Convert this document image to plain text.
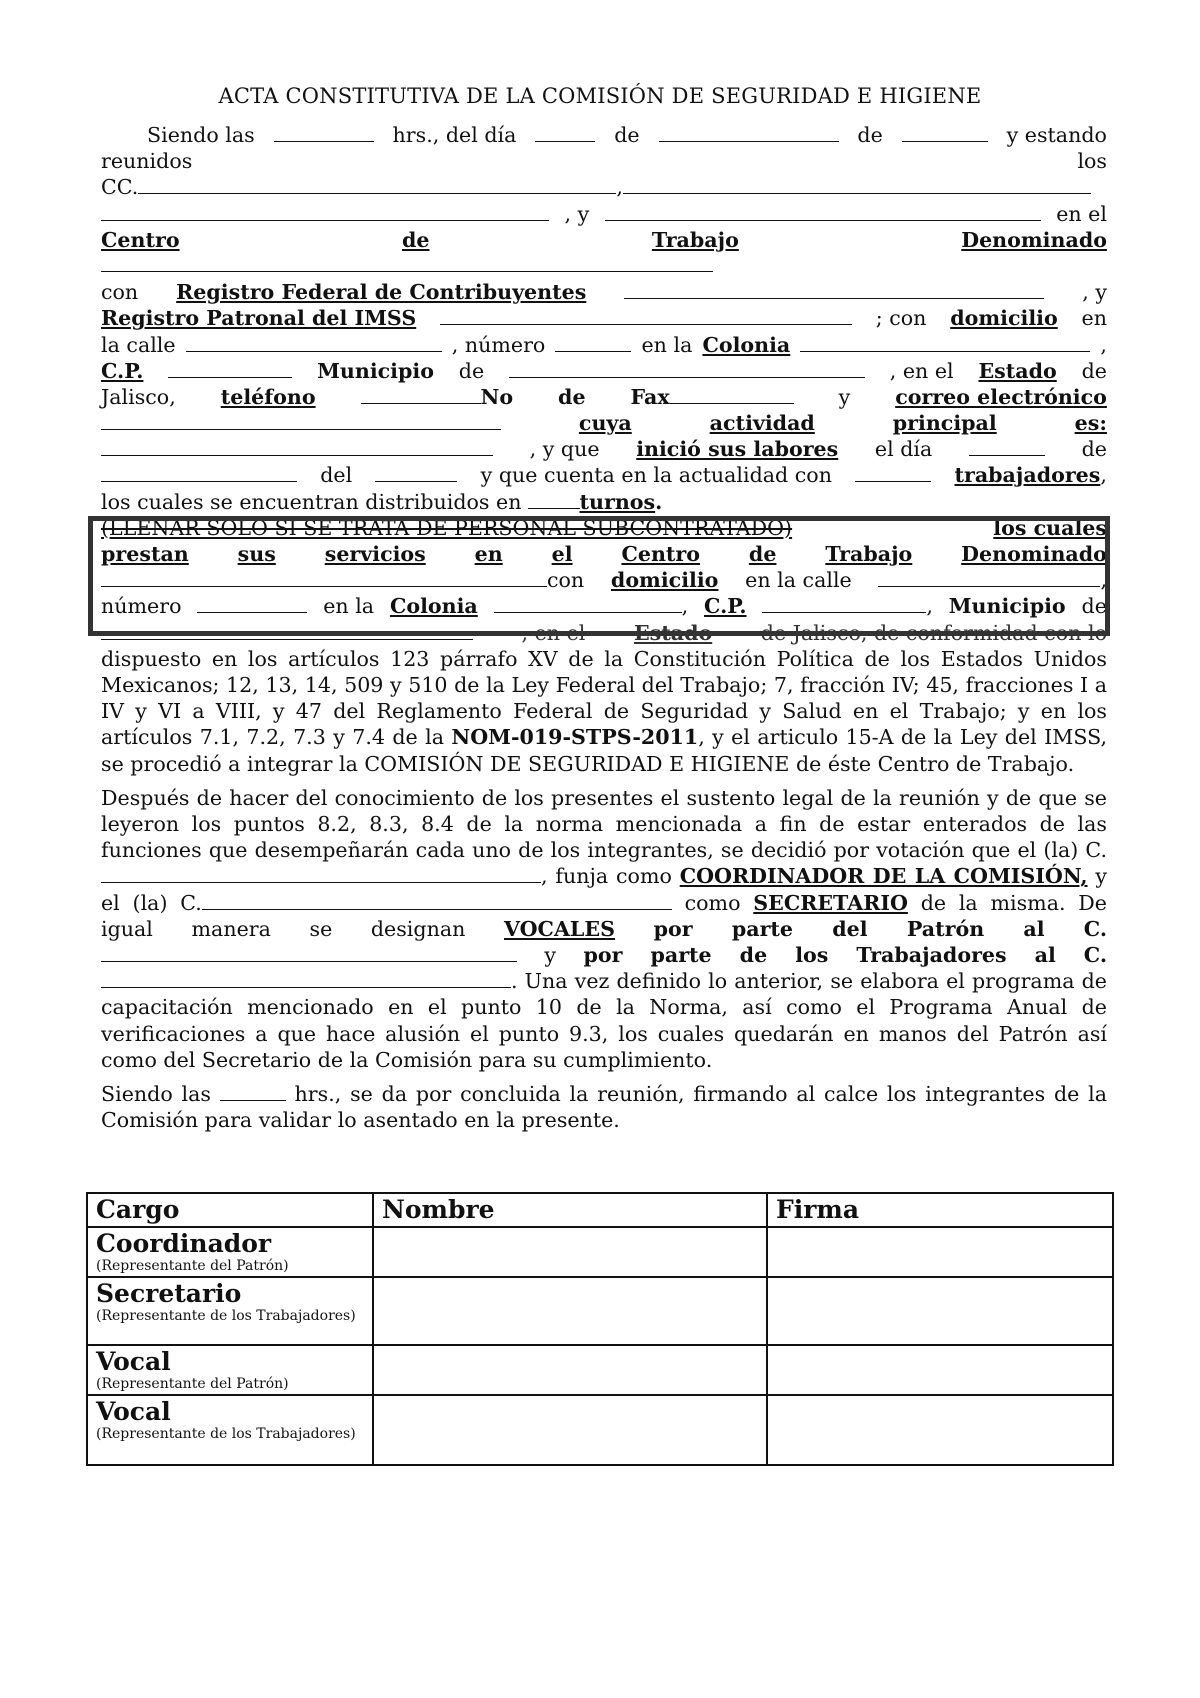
ACTA CONSTITUTIVA DE LA COMISIÓN DE SEGURIDAD E HIGIENE
Siendo las	hrs., del día	de	de	y estando
reunidos	los
CC.	,
, y	en el
Centro	de	Trabajo	Denominado
con Registro Federal de Contribuyentes	, y
Registro Patronal del IMSS	; con domicilio en
la calle	, número	en la Colonia	,
C.P.	Municipio de	, en el Estado de
Jalisco, teléfono	No de Fax	y correo electrónico
cuya	actividad	principal	es:
, y que inició sus labores el día	de
del	y que cuenta en la actualidad con	trabajadores ,
los cuales se encuentran distribuidos en	turnos .
(LLENAR SOLO SI SE TRATA DE PERSONAL SUBCONTRATADO)	los cuales
prestan sus servicios en el Centro de Trabajo Denominado
con domicilio en la calle	,
número	en la Colonia	, C.P.	, Municipio de
, en el Estado de Jalisco, de conformidad con lo

dispuesto en los artículos 123 párrafo XV de la Constitución Política de los Estados Unidos Mexicanos; 12, 13, 14, 509 y 510 de la Ley Federal del Trabajo; 7, fracción IV; 45, fracciones I a IV y VI a VIII, y 47 del Reglamento Federal de Seguridad y Salud en el Trabajo; y en los artículos 7.1, 7.2, 7.3 y 7.4 de la NOM-019-STPS-2011, y el articulo 15-A de la Ley del IMSS, se procedió a integrar la COMISIÓN DE SEGURIDAD E HIGIENE de éste Centro de Trabajo.

Después de hacer del conocimiento de los presentes el sustento legal de la reunión y de que se leyeron los puntos 8.2, 8.3, 8.4 de la norma mencionada a fin de estar enterados de las funciones que desempeñarán cada uno de los integrantes, se decidió por votación que el (la) C. , funja como COORDINADOR DE LA COMISIÓN, y el (la) C.	como SECRETARIO de la misma. De igual manera se designan VOCALES por parte del Patrón al C.  y por parte de los Trabajadores al C. . Una vez definido lo anterior, se elabora el programa de capacitación mencionado en el punto 10 de la Norma, así como el Programa Anual de verificaciones a que hace alusión el punto 9.3, los cuales quedarán en manos del Patrón así como del Secretario de la Comisión para su cumplimiento.

Siendo las	hrs., se da por concluida la reunión, firmando al calce los integrantes de la Comisión para validar lo asentado en la presente.

Cargo	Nombre	Firma

Coordinador
(Representante del Patrón)		

Secretario
(Representante de los Trabajadores)		

Vocal
(Representante del Patrón)		

Vocal
(Representante de los Trabajadores)		
